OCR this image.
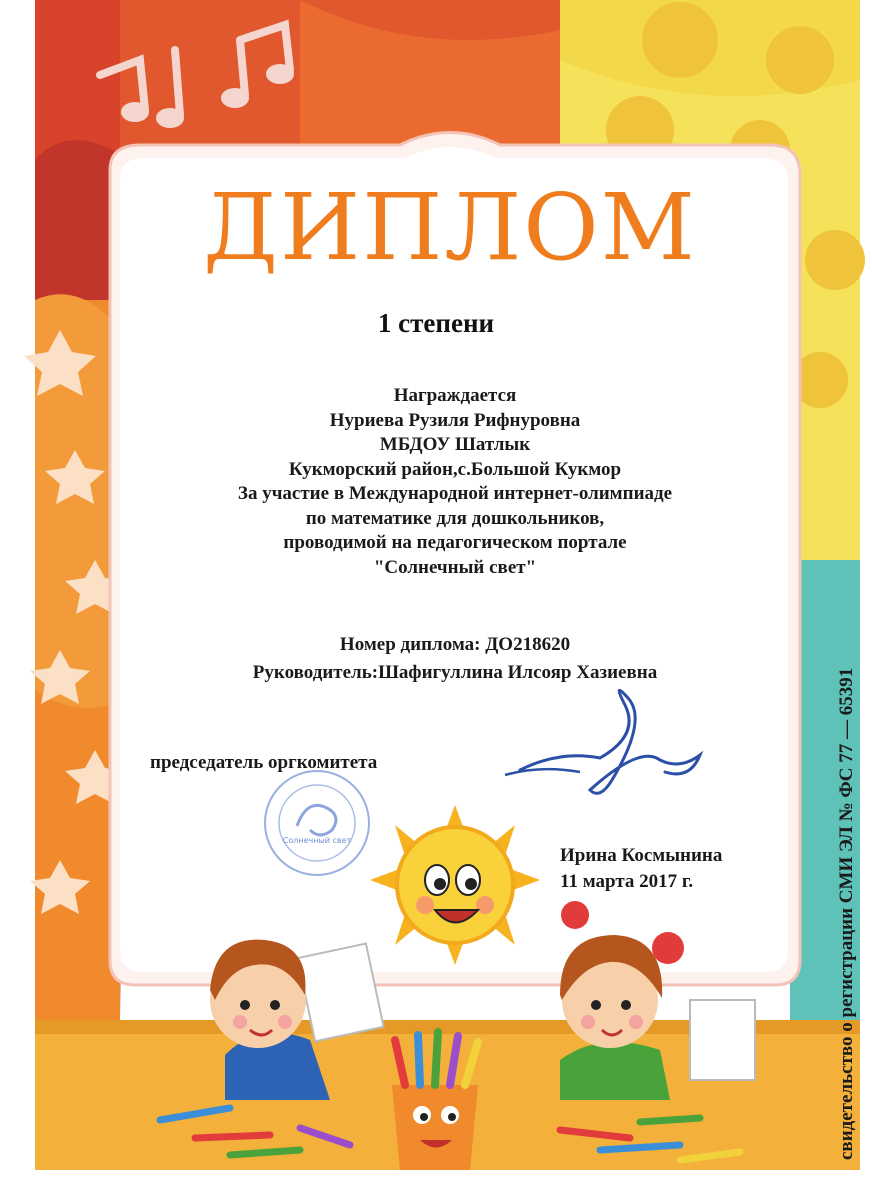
Солнечный свет
ДИПЛОМ
1 степени
Награждается
Нуриева Рузиля Рифнуровна
МБДОУ Шатлык
Кукморский район,с.Большой Кукмор
За участие в Международной интернет-олимпиаде
по математике для дошкольников,
проводимой на педагогическом портале
"Солнечный свет"
Номер диплома: ДО218620
Руководитель:Шафигуллина Илсояр Хазиевна
председатель оргкомитета
Ирина Космынина
11 марта 2017 г.	свидетельство о регистрации СМИ ЭЛ № ФС 77 — 65391
